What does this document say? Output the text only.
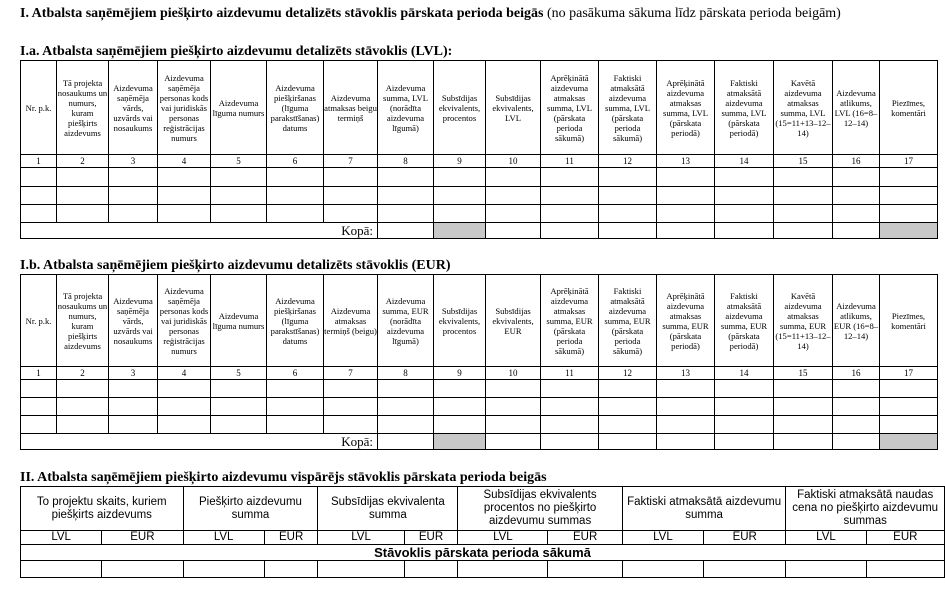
I. Atbalsta saņēmējiem piešķirto aizdevumu detalizēts stāvoklis pārskata perioda beigās (no pasākuma sākuma līdz pārskata perioda beigām)
I.a. Atbalsta saņēmējiem piešķirto aizdevumu detalizēts stāvoklis (LVL):
Nr. p.k.	Tā projekta nosaukums un numurs, kuram piešķirts aizdevums	Aizdevuma saņēmēja vārds, uzvārds vai nosaukums	Aizdevuma saņēmēja personas kods vai juridiskās personas reģistrācijas numurs	Aizdevuma līguma numurs	Aizdevuma piešķiršanas (līguma parakstīšanas) datums	Aizdevuma atmaksas beigu termiņš	Aizdevuma summa, LVL (norādīta aizdevuma līgumā)	Subsīdijas ekvivalents, procentos	Subsīdijas ekvivalents, LVL	Aprēķinātā aizdevuma atmaksas summa, LVL (pārskata perioda sākumā)	Faktiski atmaksātā aizdevuma summa, LVL (pārskata perioda sākumā)	Aprēķinātā aizdevuma atmaksas summa, LVL (pārskata periodā)	Faktiski atmaksātā aizdevuma summa, LVL (pārskata periodā)	Kavētā aizdevuma atmaksas summa, LVL (15=11+13–12–14)	Aizdevuma atlikums, LVL (16=8–12–14)	Piezīmes, komentāri
1	2	3	4	5	6	7	8	9	10	11	12	13	14	15	16	17

Kopā:																
I.b. Atbalsta saņēmējiem piešķirto aizdevumu detalizēts stāvoklis (EUR)
Nr. p.k.	Tā projekta nosaukums un numurs, kuram piešķirts aizdevums	Aizdevuma saņēmēja vārds, uzvārds vai nosaukums	Aizdevuma saņēmēja personas kods vai juridiskās personas reģistrācijas numurs	Aizdevuma līguma numurs	Aizdevuma piešķiršanas (līguma parakstīšanas) datums	Aizdevuma atmaksas termiņš (beigu)	Aizdevuma summa, EUR (norādīta aizdevuma līgumā)	Subsīdijas ekvivalents, procentos	Subsīdijas ekvivalents, EUR	Aprēķinātā aizdevuma atmaksas summa, EUR (pārskata perioda sākumā)	Faktiski atmaksātā aizdevuma summa, EUR (pārskata perioda sākumā)	Aprēķinātā aizdevuma atmaksas summa, EUR (pārskata periodā)	Faktiski atmaksātā aizdevuma summa, EUR (pārskata periodā)	Kavētā aizdevuma atmaksas summa, EUR (15=11+13–12–14)	Aizdevuma atlikums, EUR (16=8–12–14)	Piezīmes, komentāri
1	2	3	4	5	6	7	8	9	10	11	12	13	14	15	16	17

Kopā:																
II. Atbalsta saņēmējiem piešķirto aizdevumu vispārējs stāvoklis pārskata perioda beigās
To projektu skaits, kuriem piešķirts aizdevums		Piešķirto aizdevumu summa		Subsīdijas ekvivalenta summa		Subsīdijas ekvivalents procentos no piešķirto aizdevumu summas		Faktiski atmaksātā aizdevumu summa		Faktiski atmaksātā naudas cena no piešķirto aizdevumu summas	
LVL	EUR	LVL	EUR	LVL	EUR	LVL	EUR	LVL	EUR	LVL	EUR
Stāvoklis pārskata perioda sākumā											
